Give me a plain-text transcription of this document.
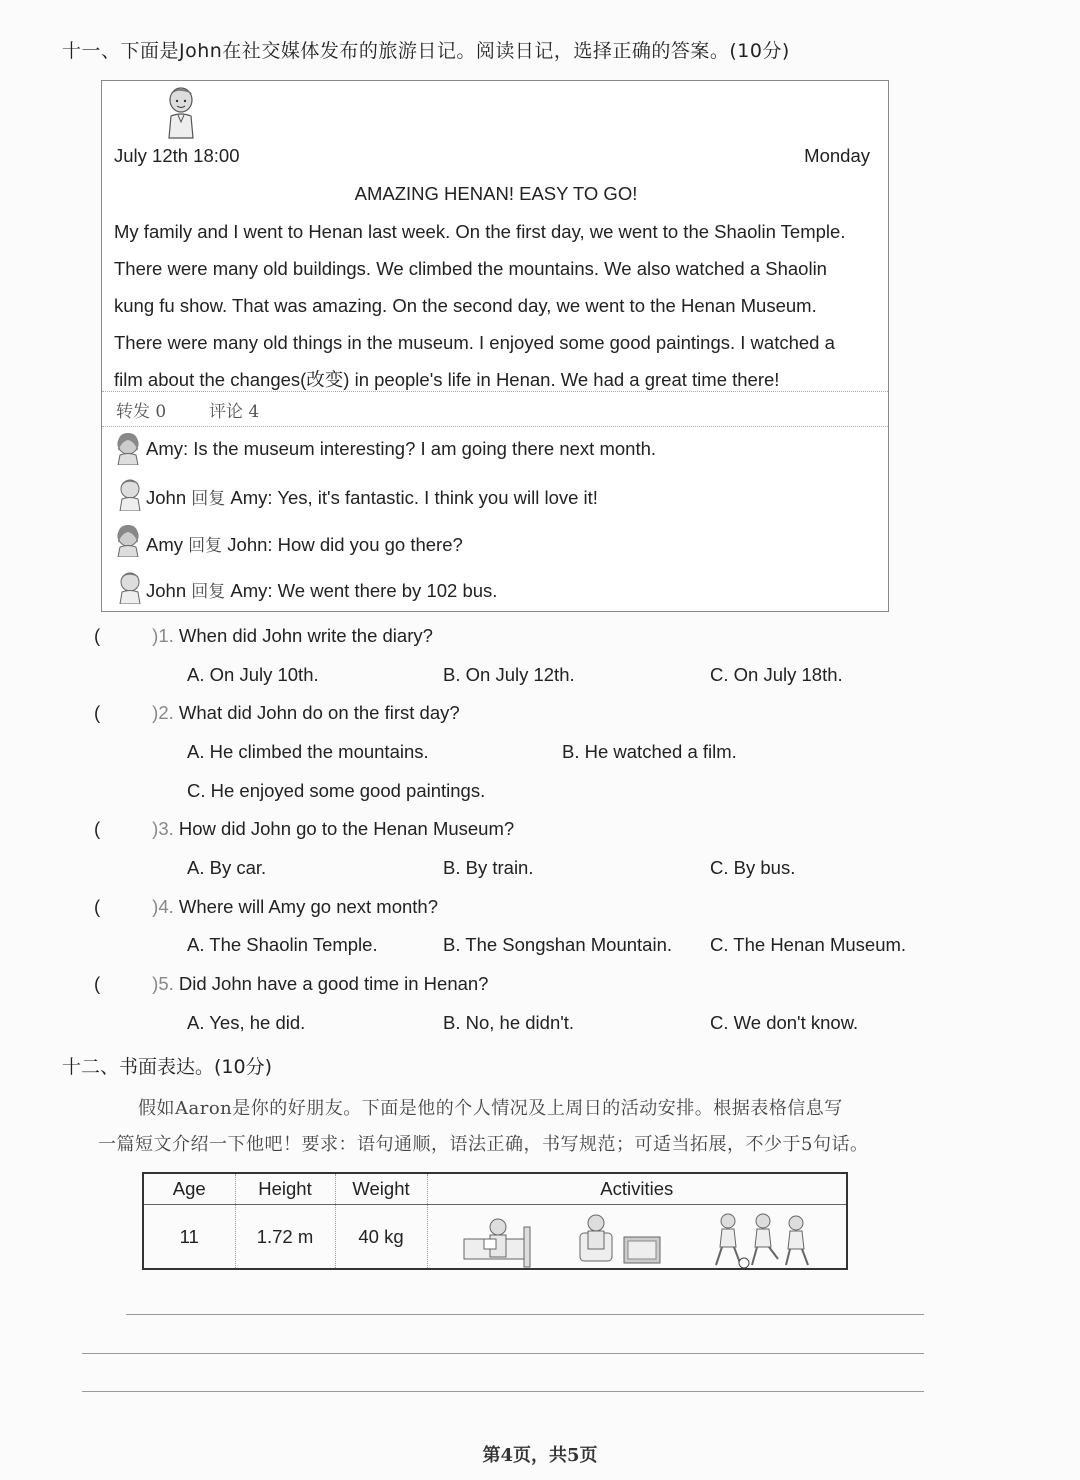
十一、下面是John在社交媒体发布的旅游日记。阅读日记，选择正确的答案。(10分)
July 12th 18:00	Monday
AMAZING HENAN! EASY TO GO!
My family and I went to Henan last week. On the first day, we went to the Shaolin Temple.
There were many old buildings. We climbed the mountains. We also watched a Shaolin
kung fu show. That was amazing. On the second day, we went to the Henan Museum.
There were many old things in the museum. I enjoyed some good paintings. I watched a
film about the changes(改变) in people's life in Henan. We had a great time there!
转发 0	评论 4
Amy: Is the museum interesting? I am going there next month.
John 回复 Amy: Yes, it's fantastic. I think you will love it!
Amy 回复 John: How did you go there?
John 回复 Amy: We went there by 102 bus.
(	)1. When did John write the diary?
A. On July 10th.	B. On July 12th.	C. On July 18th.
(	)2. What did John do on the first day?
A. He climbed the mountains.	B. He watched a film.
C. He enjoyed some good paintings.
(	)3. How did John go to the Henan Museum?
A. By car.	B. By train.	C. By bus.
(	)4. Where will Amy go next month?
A. The Shaolin Temple.	B. The Songshan Mountain. C. The Henan Museum.
(	)5. Did John have a good time in Henan?
A. Yes, he did.	B. No, he didn't.	C. We don't know.
十二、书面表达。(10分)
假如Aaron是你的好朋友。下面是他的个人情况及上周日的活动安排。根据表格信息写
一篇短文介绍一下他吧！要求：语句通顺，语法正确，书写规范；可适当拓展，不少于5句话。
Age	Height	Weight	Activities
11	1.72 m	40 kg	
第4页，共5页
